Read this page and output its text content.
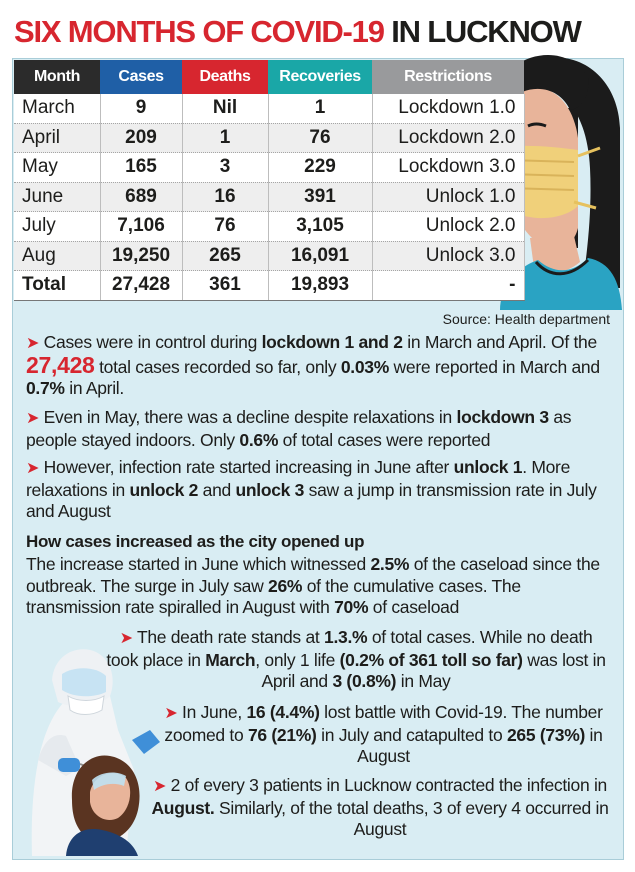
SIX MONTHS OF COVID-19 IN LUCKNOW
Month	Cases	Deaths	Recoveries	Restrictions
March	9	Nil	1	Lockdown 1.0
April	209	1	76	Lockdown 2.0
May	165	3	229	Lockdown 3.0
June	689	16	391	Unlock 1.0
July	7,106	76	3,105	Unlock 2.0
Aug	19,250	265	16,091	Unlock 3.0
Total	27,428	361	19,893	-
Source: Health department
➤ Cases were in control during lockdown 1 and 2 in March and April. Of the 27,428 total cases recorded so far, only 0.03% were reported in March and 0.7% in April.
➤ Even in May, there was a decline despite relaxations in lockdown 3 as people stayed indoors. Only 0.6% of total cases were reported
➤ However, infection rate started increasing in June after unlock 1. More relaxations in unlock 2 and unlock 3 saw a jump in transmission rate in July and August
How cases increased as the city opened up
The increase started in June which witnessed 2.5% of the caseload since the outbreak. The surge in July saw 26% of the cumulative cases. The transmission rate spiralled in August with 70% of caseload
➤ The death rate stands at 1.3.% of total cases. While no death took place in March, only 1 life (0.2% of 361 toll so far) was lost in April and 3 (0.8%) in May
➤ In June, 16 (4.4%) lost battle with Covid-19. The number zoomed to 76 (21%) in July and catapulted to 265 (73%) in August
➤ 2 of every 3 patients in Lucknow contracted the infection in August. Similarly, of the total deaths, 3 of every 4 occurred in August
